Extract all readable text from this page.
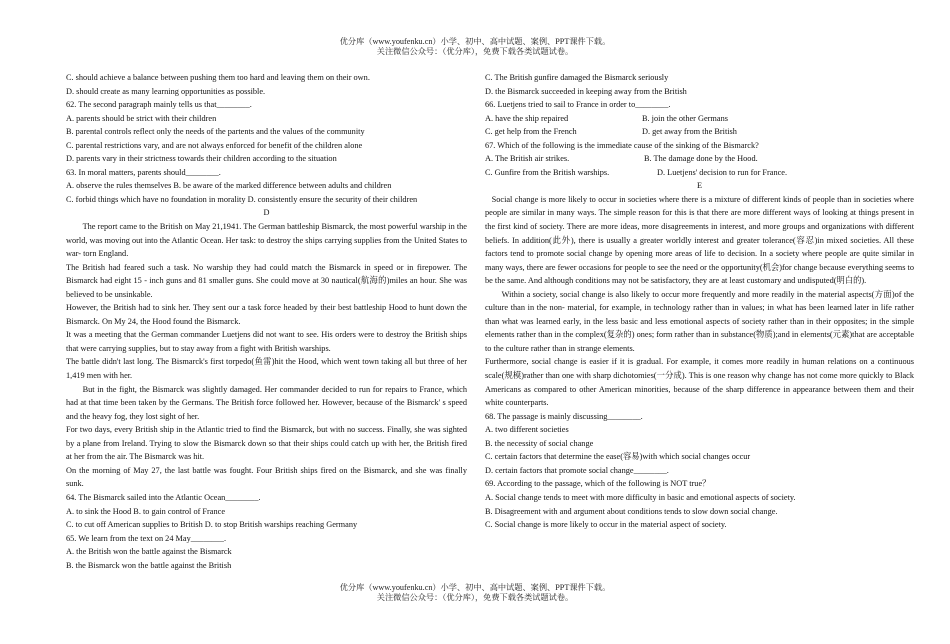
优分库（www.youfenku.cn）小学、初中、高中试题、案例、PPT课件下载。
关注微信公众号：（优分库），免费下载各类试题试卷。

C. should achieve a balance between pushing them too hard and leaving them on their own.

D. should create as many learning opportunities as possible.

62. The second paragraph mainly tells us that________.

A. parents should be strict with their children

B. parental controls reflect only the needs of the partents and the values of the community

C. parental restrictions vary, and are not always enforced for benefit of the children alone

D. parents vary in their strictness towards their children according to the situation

63. In moral matters, parents should________.

A. observe the rules themselves B. be aware of the marked difference between adults and children

C. forbid things which have no foundation in morality D. consistently ensure the security of their children

D

The report came to the British on May 21,1941. The German battleship Bismarck, the most powerful warship in the world, was moving out into the Atlantic Ocean. Her task: to destroy the ships carrying supplies from the United States to war- torn England.

The British had feared such a task. No warship they had could match the Bismarck in speed or in firepower. The Bismarck had eight 15 - inch guns and 81 smaller guns. She could move at 30 nautical(航海的)miles an hour. She was believed to be unsinkable.

However, the British had to sink her. They sent our a task force headed by their best battleship Hood to hunt down the Bismarck. On My 24, the Hood found the Bismarck.

It was a meeting that the German commander Luetjens did not want to see. His orders were to destroy the British ships that were carrying supplies, but to stay away from a fight with British warships.

The battle didn't last long. The Bismarck's first torpedo(鱼雷)hit the Hood, which went town taking all but three of her 1,419 men with her.

But in the fight, the Bismarck was slightly damaged. Her commander decided to run for repairs to France, which had at that time been taken by the Germans. The British force followed her. However, because of the Bismarck' s speed and the heavy fog, they lost sight of her.

For two days, every British ship in the Atlantic tried to find the Bismarck, but with no success. Finally, she was sighted by a plane from Ireland. Trying to slow the Bismarck down so that their ships could catch up with her, the British fired at her from the air. The Bismarck was hit.

On the morning of May 27, the last battle was fought. Four British ships fired on the Bismarck, and she was finally sunk.

64. The Bismarck sailed into the Atlantic Ocean________.

A. to sink the Hood B. to gain control of France

C. to cut off American supplies to British D. to stop British warships reaching Germany

65. We learn from the text on 24 May________.

A. the British won the battle against the Bismarck

B. the Bismarck won the battle against the British

C. The British gunfire damaged the Bismarck seriously

D. the Bismarck succeeded in keeping away from the British

66. Luetjens tried to sail to France in order to________.

A. have the ship repaired	B. join the other Germans
C. get help from the French	D. get away from the British

67. Which of the following is the immediate cause of the sinking of the Bismarck?

A. The British air strikes.	B. The damage done by the Hood.
C. Gunfire from the British warships.	D. Luetjens' decision to run for France.

E

Social change is more likely to occur in societies where there is a mixture of different kinds of people than in societies where people are similar in many ways. The simple reason for this is that there are more different ways of looking at things present in the first kind of society. There are more ideas, more disagreements in interest, and more groups and organizations with different beliefs. In addition(此外), there is usually a greater worldly interest and greater tolerance(容忍)in mixed societies. All these factors tend to promote social change by opening more areas of life to decision. In a society where people are quite similar in many ways, there are fewer occasions for people to see the need or the opportunity(机会)for change because everything seems to be the same. And although conditions may not be satisfactory, they are at least customary and undisputed(明白的).

Within a society, social change is also likely to occur more frequently and more readily in the material aspects(方面)of the culture than in the non- material, for example, in technology rather than in values; in what has been learned later in life rather than what was learned early, in the less basic and less emotional aspects of society rather than in their opposites; in the simple elements rather than in the complex(复杂的) ones; form rather than in substance(物质);and in elements(元素)that are acceptable to the culture rather than in strange elements.

Furthermore, social change is easier if it is gradual. For example, it comes more readily in human relations on a continuous scale(规模)rather than one with sharp dichotomies(一分成). This is one reason why change has not come more quickly to Black Americans as compared to other American minorities, because of the sharp difference in appearance between them and their white counterparts.

68. The passage is mainly discussing________.

A. two different societies

B. the necessity of social change

C. certain factors that determine the ease(容易)with which social changes occur

D. certain factors that promote social change________.

69. According to the passage, which of the following is NOT true？

A. Social change tends to meet with more difficulty in basic and emotional aspects of society.

B. Disagreement with and argument about conditions tends to slow down social change.

C. Social change is more likely to occur in the material aspect of society.

优分库（www.youfenku.cn）小学、初中、高中试题、案例、PPT课件下载。
关注微信公众号：（优分库），免费下载各类试题试卷。
